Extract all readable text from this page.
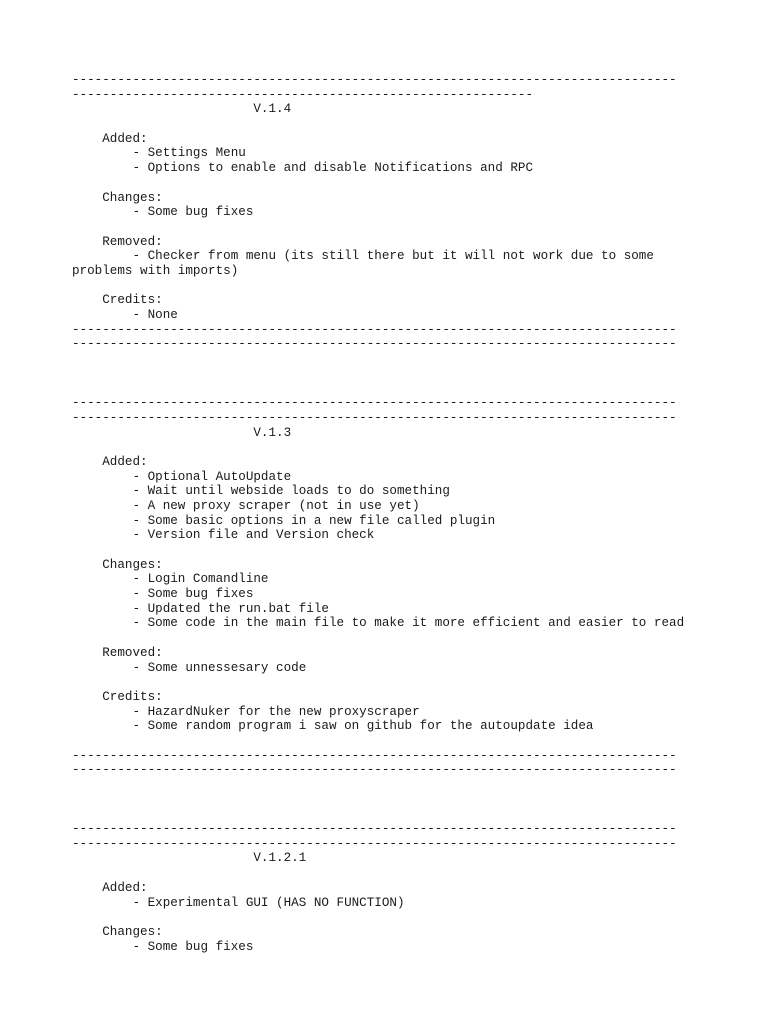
--------------------------------------------------------------------------------
-------------------------------------------------------------
V.1.4
Added:
- Settings Menu
- Options to enable and disable Notifications and RPC
Changes:
- Some bug fixes
Removed:
- Checker from menu (its still there but it will not work due to some
problems with imports)
Credits:
- None
--------------------------------------------------------------------------------
--------------------------------------------------------------------------------
--------------------------------------------------------------------------------
--------------------------------------------------------------------------------
V.1.3
Added:
- Optional AutoUpdate
- Wait until webside loads to do something
- A new proxy scraper (not in use yet)
- Some basic options in a new file called plugin
- Version file and Version check
Changes:
- Login Comandline
- Some bug fixes
- Updated the run.bat file
- Some code in the main file to make it more efficient and easier to read
Removed:
- Some unnessesary code
Credits:
- HazardNuker for the new proxyscraper
- Some random program i saw on github for the autoupdate idea
--------------------------------------------------------------------------------
--------------------------------------------------------------------------------
--------------------------------------------------------------------------------
--------------------------------------------------------------------------------
V.1.2.1
Added:
- Experimental GUI (HAS NO FUNCTION)
Changes:
- Some bug fixes
